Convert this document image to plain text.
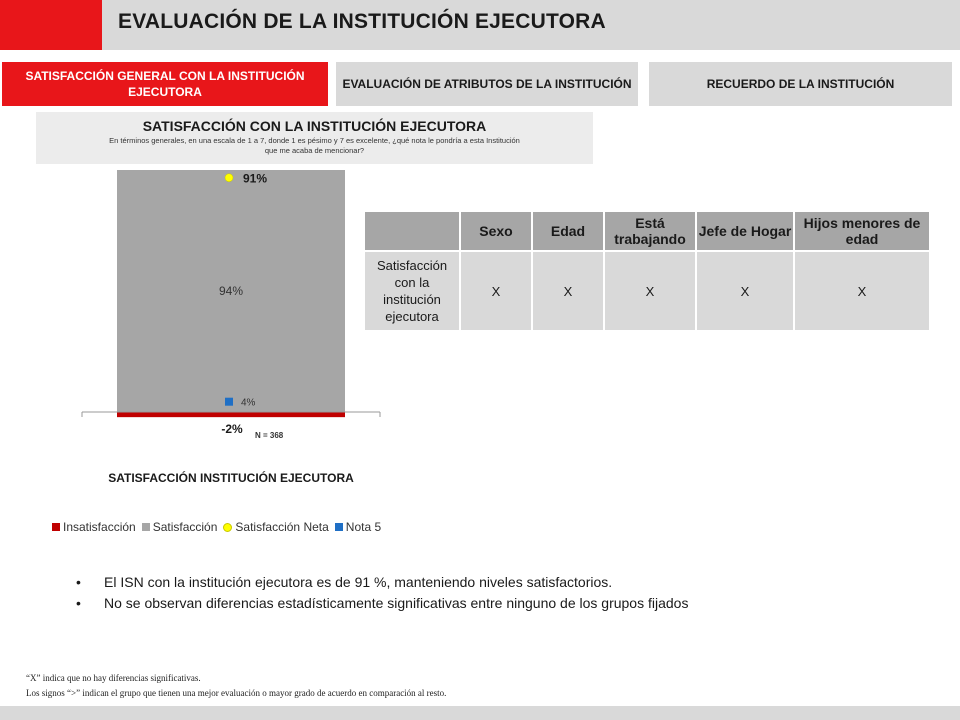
EVALUACIÓN DE LA INSTITUCIÓN EJECUTORA
SATISFACCIÓN GENERAL CON LA INSTITUCIÓN EJECUTORA
EVALUACIÓN DE ATRIBUTOS DE LA INSTITUCIÓN	RECUERDO DE LA INSTITUCIÓN
SATISFACCIÓN CON LA INSTITUCIÓN EJECUTORA
En términos generales, en una escala de 1 a 7, donde 1 es pésimo y 7 es excelente, ¿qué nota le pondría a esta Institución que me acaba de mencionar?
91%
94%
4%
-2% N = 368
SATISFACCIÓN INSTITUCIÓN EJECUTORA
Insatisfacción Satisfacción Satisfacción Neta Nota 5
	Sexo	Edad	Está trabajando	Jefe de Hogar	Hijos menores de edad
Satisfacción con la institución ejecutora	X	X	X	X	X
•	El ISN con la institución ejecutora es de 91 %, manteniendo niveles satisfactorios.
•	No se observan diferencias estadísticamente significativas entre ninguno de los grupos fijados
“X” indica que no hay diferencias significativas.
Los signos “>” indican el grupo que tienen una mejor evaluación o mayor grado de acuerdo en comparación al resto.
